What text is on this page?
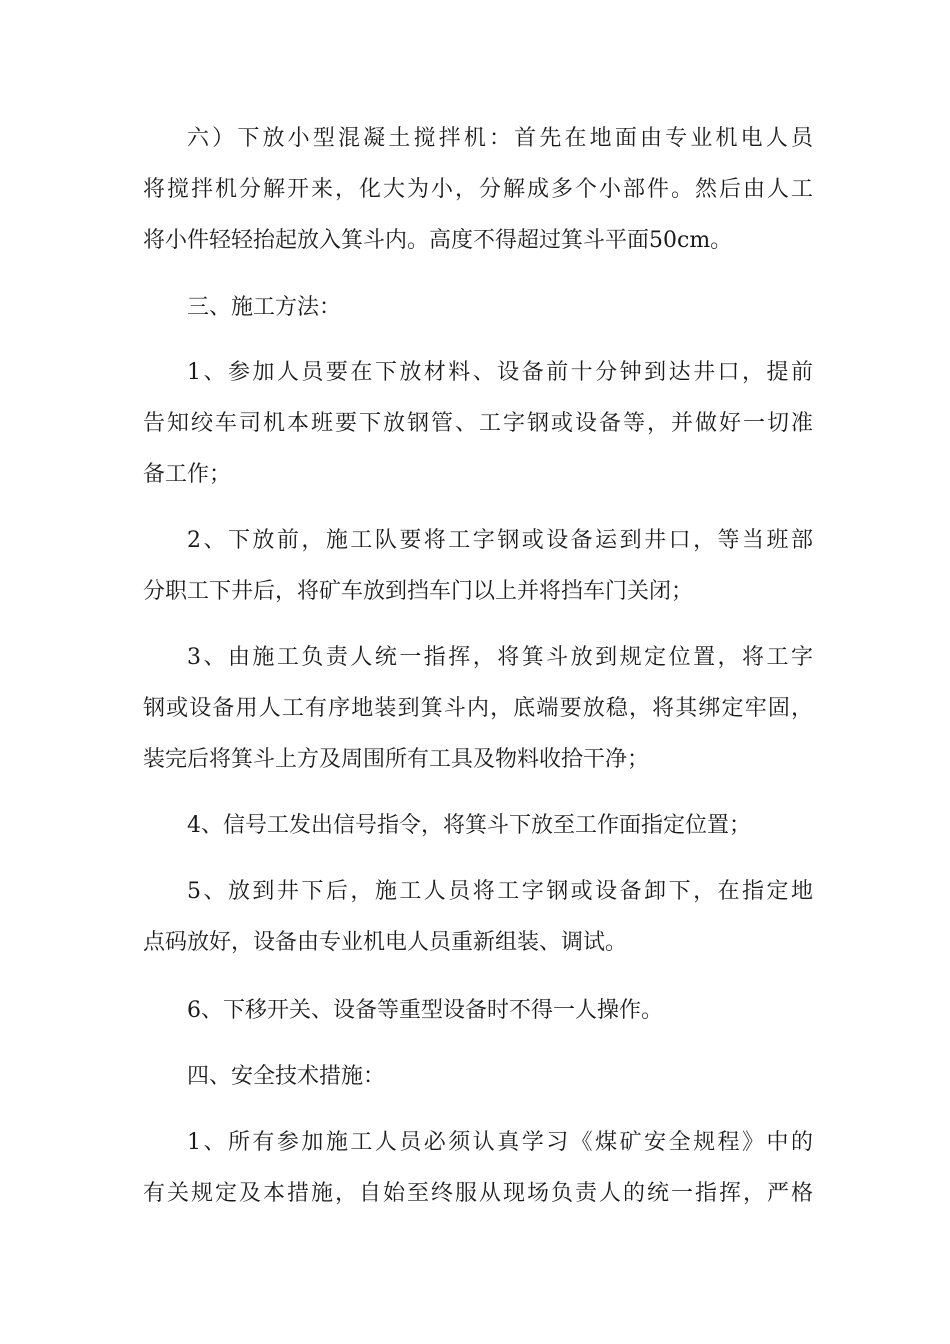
六）下放小型混凝土搅拌机：首先在地面由专业机电人员
将搅拌机分解开来，化大为小，分解成多个小部件。然后由人工
将小件轻轻抬起放入箕斗内。高度不得超过箕斗平面50cm。
三、施工方法：
1、参加人员要在下放材料、设备前十分钟到达井口，提前
告知绞车司机本班要下放钢管、工字钢或设备等，并做好一切准
备工作；
2、下放前，施工队要将工字钢或设备运到井口，等当班部
分职工下井后，将矿车放到挡车门以上并将挡车门关闭；
3、由施工负责人统一指挥，将箕斗放到规定位置，将工字
钢或设备用人工有序地装到箕斗内，底端要放稳，将其绑定牢固，
装完后将箕斗上方及周围所有工具及物料收拾干净；
4、信号工发出信号指令，将箕斗下放至工作面指定位置；
5、放到井下后，施工人员将工字钢或设备卸下，在指定地
点码放好，设备由专业机电人员重新组装、调试。
6、下移开关、设备等重型设备时不得一人操作。
四、安全技术措施：
1、所有参加施工人员必须认真学习《煤矿安全规程》中的
有关规定及本措施，自始至终服从现场负责人的统一指挥，严格
